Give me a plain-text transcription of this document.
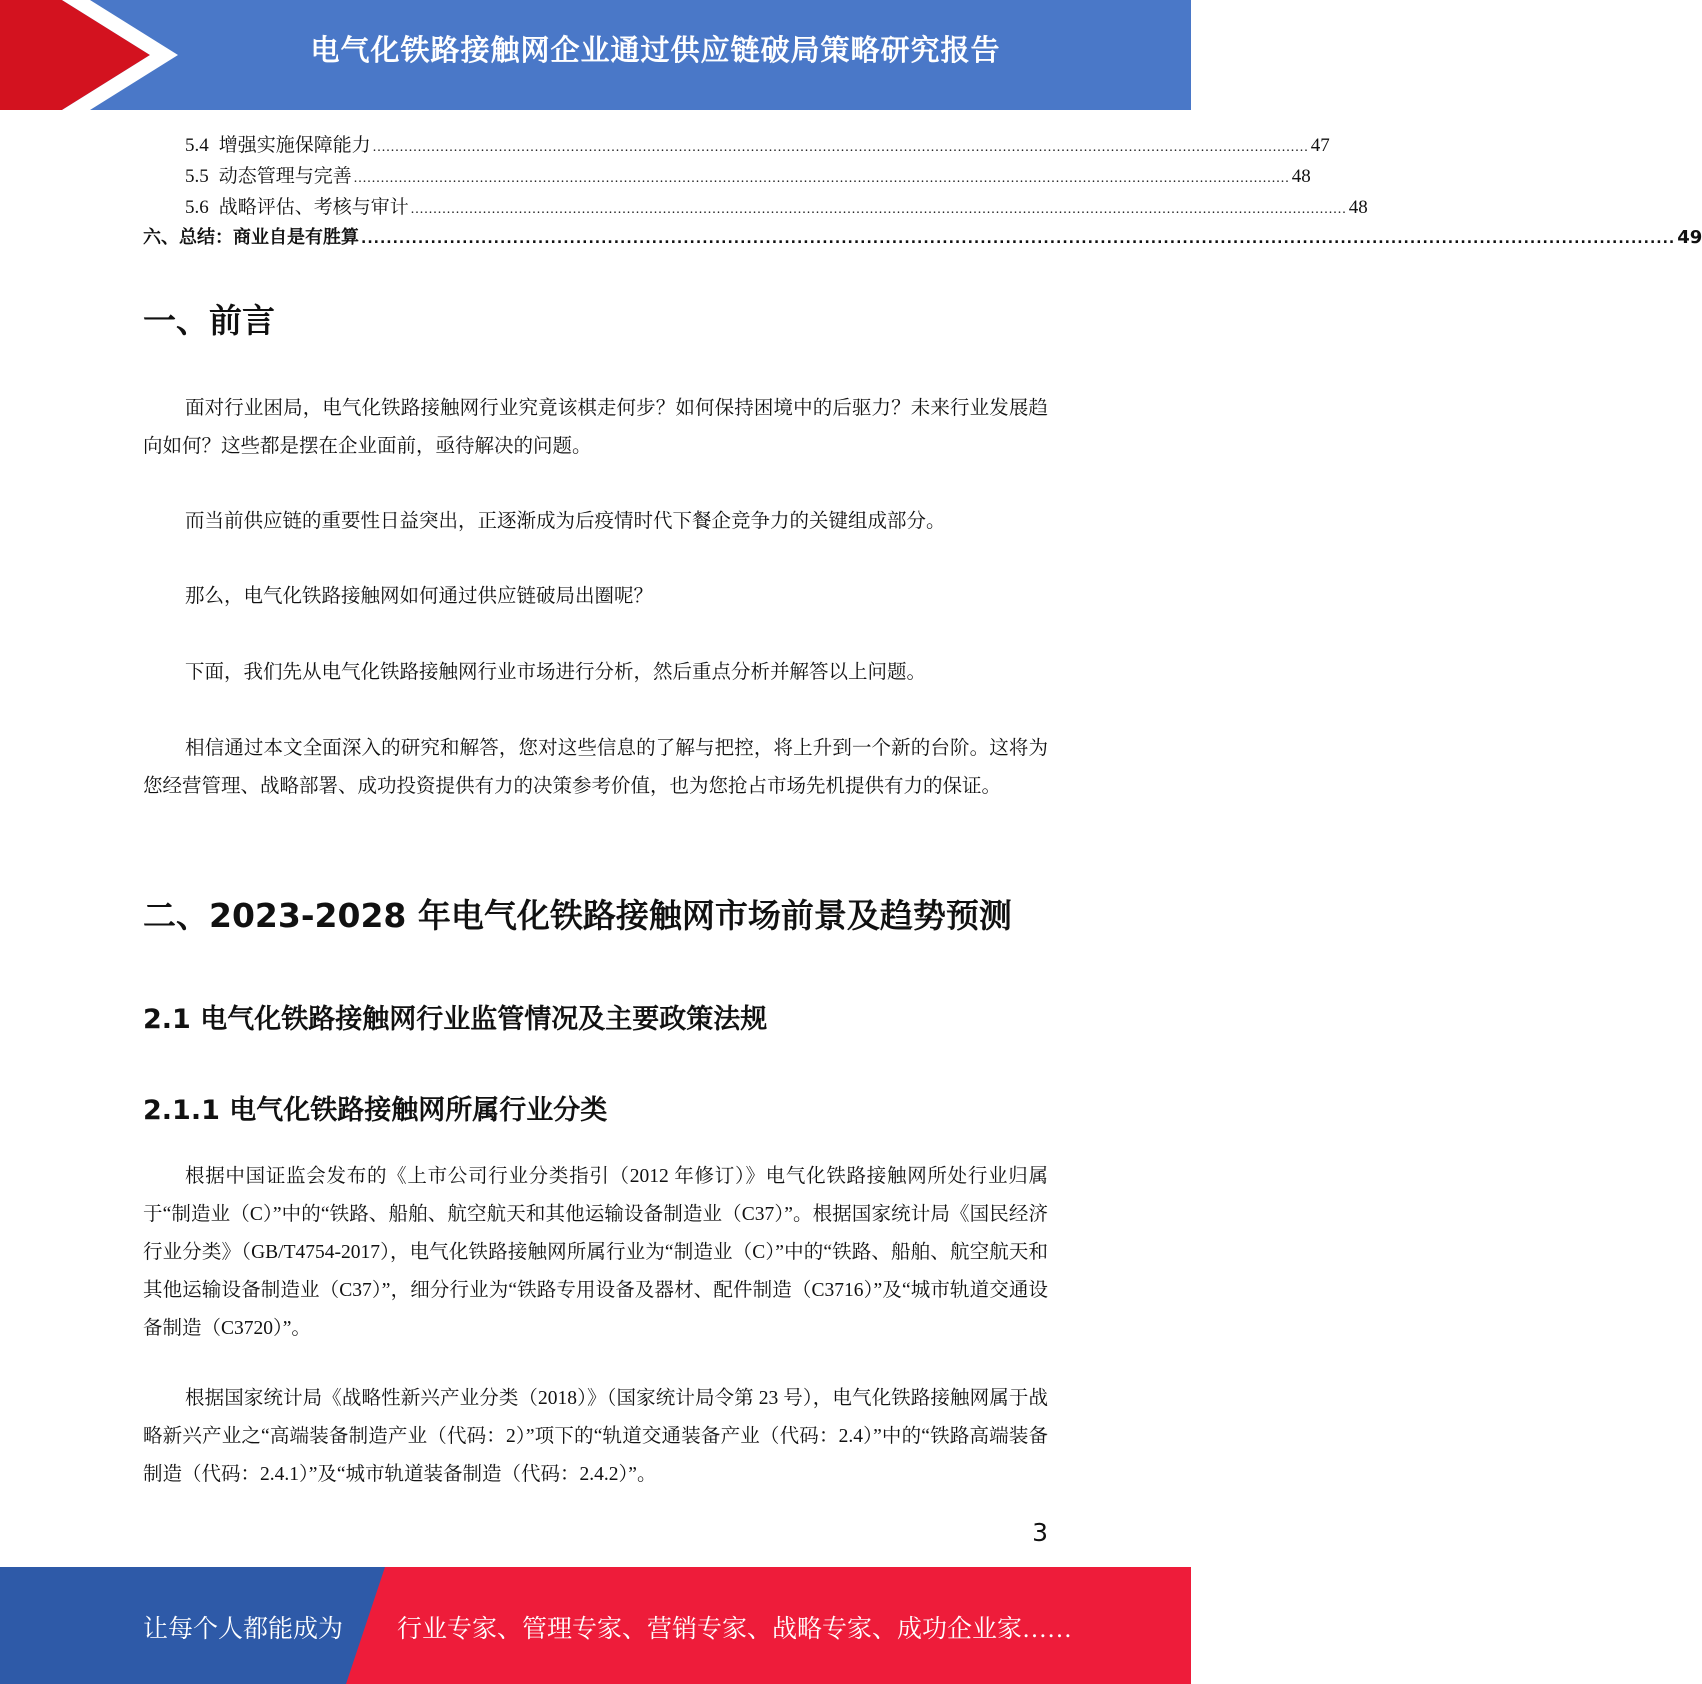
电气化铁路接触网企业通过供应链破局策略研究报告
5.4 增强实施保障能力 ................................................................................................................................................................................................................ 47
5.5 动态管理与完善 ................................................................................................................................................................................................................ 48
5.6 战略评估、考核与审计 ................................................................................................................................................................................................................ 48
六、总结：商业自是有胜算 ................................................................................................................................................................................................................ 49
一、前言

面对行业困局，电气化铁路接触网行业究竟该棋走何步？如何保持困境中的后驱力？未来行业发展趋向如何？这些都是摆在企业面前，亟待解决的问题。

而当前供应链的重要性日益突出，正逐渐成为后疫情时代下餐企竞争力的关键组成部分。

那么，电气化铁路接触网如何通过供应链破局出圈呢？

下面，我们先从电气化铁路接触网行业市场进行分析，然后重点分析并解答以上问题。

相信通过本文全面深入的研究和解答，您对这些信息的了解与把控，将上升到一个新的台阶。这将为您经营管理、战略部署、成功投资提供有力的决策参考价值，也为您抢占市场先机提供有力的保证。

二、2023-2028 年电气化铁路接触网市场前景及趋势预测
2.1 电气化铁路接触网行业监管情况及主要政策法规
2.1.1 电气化铁路接触网所属行业分类

根据中国证监会发布的《上市公司行业分类指引（2012 年修订）》电气化铁路接触网所处行业归属于“制造业（C）”中的“铁路、船舶、航空航天和其他运输设备制造业（C37）”。根据国家统计局《国民经济行业分类》（GB/T4754-2017），电气化铁路接触网所属行业为“制造业（C）”中的“铁路、船舶、航空航天和其他运输设备制造业（C37）”，细分行业为“铁路专用设备及器材、配件制造（C3716）”及“城市轨道交通设备制造（C3720）”。

根据国家统计局《战略性新兴产业分类（2018）》（国家统计局令第 23 号），电气化铁路接触网属于战略新兴产业之“高端装备制造产业（代码：2）”项下的“轨道交通装备产业（代码：2.4）”中的“铁路高端装备制造（代码：2.4.1）”及“城市轨道装备制造（代码：2.4.2）”。

3
让每个人都能成为 行业专家、管理专家、营销专家、战略专家、成功企业家……
